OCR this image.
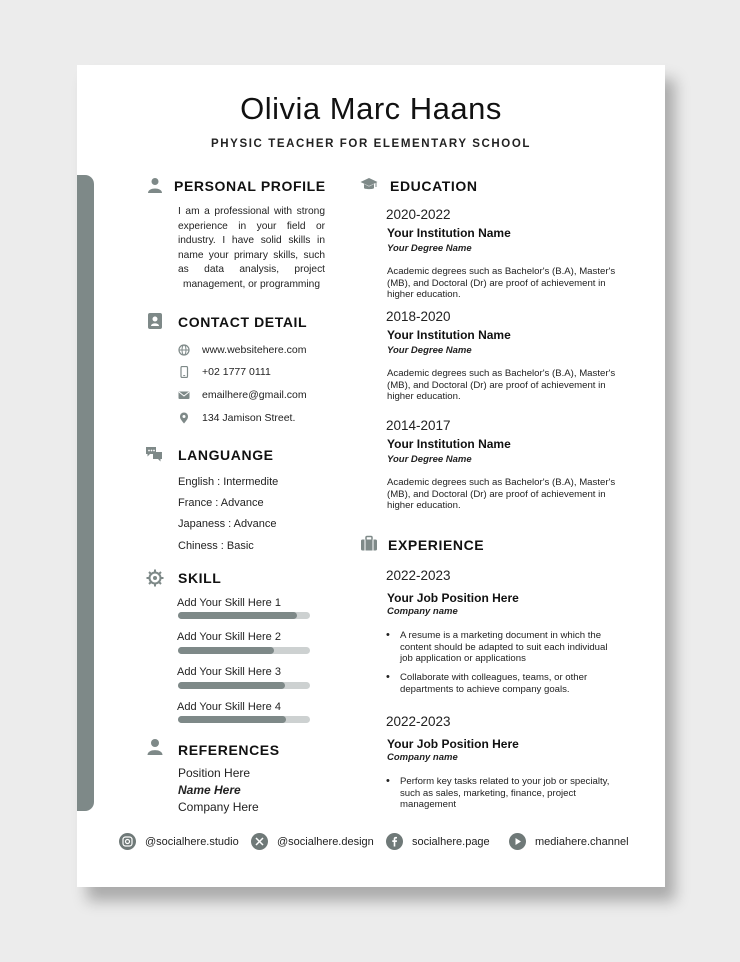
Olivia Marc Haans
PHYSIC TEACHER FOR ELEMENTARY SCHOOL
PERSONAL PROFILE
I am a professional with strong experience in your field or industry. I have solid skills in name your primary skills, such as data analysis, project management, or programming
CONTACT DETAIL
www.websitehere.com
+02 1777 0111
emailhere@gmail.com
134 Jamison Street.
LANGUANGE
English : Intermedite
France : Advance
Japaness : Advance
Chiness : Basic
SKILL
Add Your Skill Here 1
Add Your Skill Here 2
Add Your Skill Here 3
Add Your Skill Here 4
REFERENCES
Position Here
Name Here
Company Here
EDUCATION
2020-2022
Your Institution Name
Your Degree Name
Academic degrees such as Bachelor's (B.A), Master's (MB), and Doctoral (Dr) are proof of achievement in higher education.
2018-2020
Your Institution Name
Your Degree Name
Academic degrees such as Bachelor's (B.A), Master's (MB), and Doctoral (Dr) are proof of achievement in higher education.
2014-2017
Your Institution Name
Your Degree Name
Academic degrees such as Bachelor's (B.A), Master's (MB), and Doctoral (Dr) are proof of achievement in higher education.
EXPERIENCE
2022-2023
Your Job Position Here
Company name
• A resume is a marketing document in which the content should be adapted to suit each individual job application or applications
• Collaborate with colleagues, teams, or other departments to achieve company goals.
2022-2023
Your Job Position Here
Company name
• Perform key tasks related to your job or specialty, such as sales, marketing, finance, project management
@socialhere.studio	@socialhere.design	socialhere.page	mediahere.channel
